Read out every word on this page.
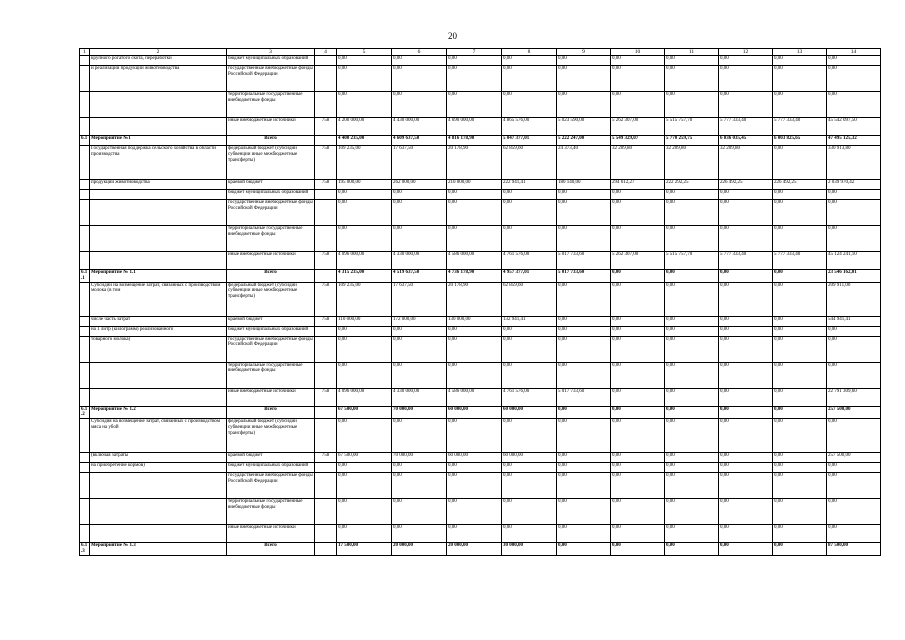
20
1	2	3	4	5	6	7	8	9	10	11	12	13	14
	крупного рогатого скота, переработки	бюджет муниципальных образований		0,00	0,00	0,00	0,00	0,00	0,00	0,00	0,00	0,00	0,00
	и реализации продукции животноводства	государственные внебюджетные фонды Российской Федерации		0,00	0,00	0,00	0,00	0,00	0,00	0,00	0,00	0,00	0,00
		территориальные государственные внебюджетные фонды		0,00	0,00	0,00	0,00	0,00	0,00	0,00	0,00	0,00	0,00
		иные внебюджетные источники	758	4 200 000,00	4 430 000,00	4 690 000,00	4 865 576,00	5 023 590,00	5 262 307,00	5 515 757,70	5 777 333,40	5 777 333,40	45 542 097,50
6.1	Мероприятие №1	Всего		4 400 235,00	4 609 637,50	4 816 178,90	5 047 377,01	5 222 247,00	5 549 329,07	5 770 259,75	6 036 035,45	6 003 825,65	47 495 125,32
	Государственная поддержка сельского хозяйства в области производства	федеральный бюджет (субсидии субвенции иные межбюджетные трансферты)	758	109 235,00	17 637,50	20 178,90	62 859,60	24 373,40	32 209,80	32 209,80	32 209,80	0,00	330 913,80
	продукции животноводства	краевой бюджет	758	195 000,00	262 000,00	210 000,00	222 941,41	180 140,00	294 612,27	222 292,25	226 492,25	226 492,25	2 039 970,42
		бюджет муниципальных образований		0,00	0,00	0,00	0,00	0,00	0,00	0,00	0,00	0,00	0,00
		государственные внебюджетные фонды Российской Федерации		0,00	0,00	0,00	0,00	0,00	0,00	0,00	0,00	0,00	0,00
		территориальные государственные внебюджетные фонды		0,00	0,00	0,00	0,00	0,00	0,00	0,00	0,00	0,00	0,00
		иные внебюджетные источники	758	4 096 000,00	4 330 000,00	4 586 000,00	4 761 576,00	5 017 733,60	5 262 307,00	5 515 757,70	5 777 333,40	5 777 333,40	45 124 241,10
6.1.1	Мероприятие № 1.1	Всего		4 315 235,00	4 519 637,50	4 736 178,90	4 957 377,01	5 017 733,60	0,00	0,00	0,00	0,00	23 546 162,01
	Субсидии на возмещение затрат, связанных с производством молока (в том	федеральный бюджет (субсидии субвенции иные межбюджетные трансферты)	758	109 235,00	17 637,50	20 178,90	62 859,60	0,00	0,00	0,00	0,00	0,00	209 911,00
	числе часть затрат	краевой бюджет	758	110 000,00	172 000,00	130 000,00	132 941,41	0,00	0,00	0,00	0,00	0,00	544 941,41
	на 1 литр (килограмм) реализованного	бюджет муниципальных образований		0,00	0,00	0,00	0,00	0,00	0,00	0,00	0,00	0,00	0,00
	товарного молока)	государственные внебюджетные фонды Российской Федерации		0,00	0,00	0,00	0,00	0,00	0,00	0,00	0,00	0,00	0,00
		территориальные государственные внебюджетные фонды		0,00	0,00	0,00	0,00	0,00	0,00	0,00	0,00	0,00	0,00
		иные внебюджетные источники	758	4 096 000,00	4 330 000,00	4 586 000,00	4 761 576,00	5 017 733,60	0,00	0,00	0,00	0,00	22 791 309,60
6.1.2	Мероприятие № 1.2	Всего		67 500,00	70 000,00	60 000,00	60 000,00	0,00	0,00	0,00	0,00	0,00	257 500,00
	Субсидия на возмещение затрат, связанных с производством мяса на убой	федеральный бюджет (субсидии субвенции иные межбюджетные трансферты)		0,00	0,00	0,00	0,00	0,00	0,00	0,00	0,00	0,00	0,00
	(включая затраты	краевой бюджет	758	67 500,00	70 000,00	60 000,00	60 000,00	0,00	0,00	0,00	0,00	0,00	257 500,00
	на приобретение кормов)	бюджет муниципальных образований		0,00	0,00	0,00	0,00	0,00	0,00	0,00	0,00	0,00	0,00
		государственные внебюджетные фонды Российской Федерации		0,00	0,00	0,00	0,00	0,00	0,00	0,00	0,00	0,00	0,00
		территориальные государственные внебюджетные фонды		0,00	0,00	0,00	0,00	0,00	0,00	0,00	0,00	0,00	0,00
		иные внебюджетные источники		0,00	0,00	0,00	0,00	0,00	0,00	0,00	0,00	0,00	0,00
6.1.3	Мероприятие № 1.3	Всего		17 500,00	20 000,00	20 000,00	30 000,00	0,00	0,00	0,00	0,00	0,00	87 500,00
